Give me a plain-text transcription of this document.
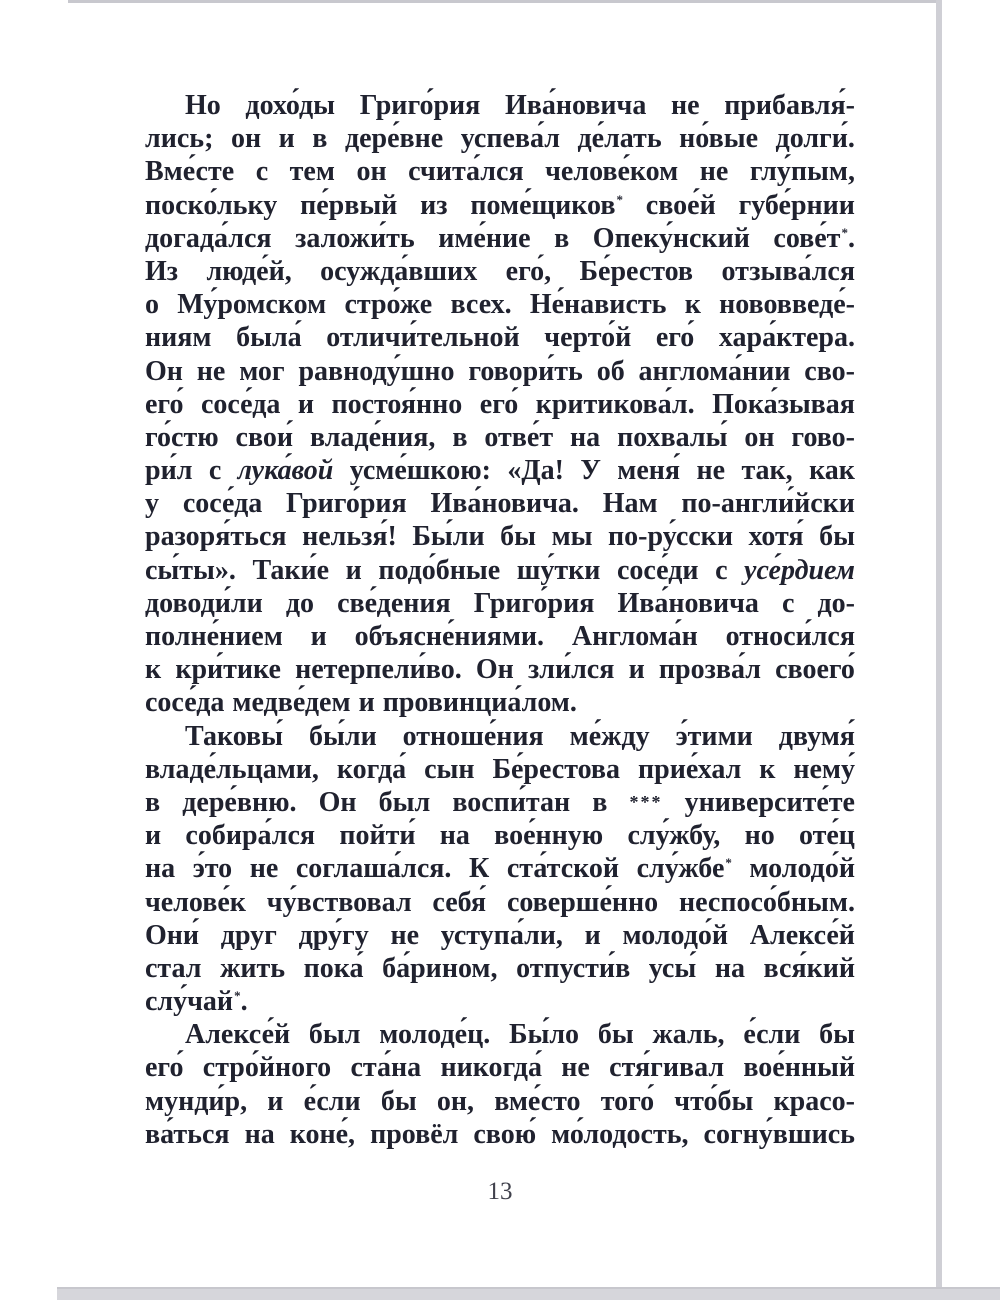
Но дохо́ды Григо́рия Ива́новича не прибавля́-
лись; он и в дере́вне успева́л де́лать но́вые долги́.
Вме́сте с тем он счита́лся челове́ком не глу́пым,
поско́льку пе́рвый из поме́щиков* свое́й губе́рнии
догада́лся заложи́ть име́ние в Опеку́нский сове́т*.
Из люде́й, осужда́вших его́, Бе́рестов отзыва́лся
о Му́ромском стро́же всех. Не́нависть к нововведе́-
ниям была́ отличи́тельной черто́й его́ хара́ктера.
Он не мог равноду́шно говори́ть об англома́нии сво-
его́ сосе́да и постоя́нно его́ критикова́л. Пока́зывая
го́стю свои́ владе́ния, в отве́т на похвалы́ он гово-
ри́л с лука́вой усме́шкою: «Да! У меня́ не так, как
у сосе́да Григо́рия Ива́новича. Нам по-англи́йски
разоря́ться нельзя́! Бы́ли бы мы по-ру́сски хотя́ бы
сы́ты». Таки́е и подо́бные шу́тки сосе́ди с усе́рдием
доводи́ли до све́дения Григо́рия Ива́новича с до-
полне́нием и объясне́ниями. Англома́н относи́лся
к кри́тике нетерпели́во. Он зли́лся и прозва́л своего́
сосе́да медве́дем и провинциа́лом.
Таковы́ бы́ли отноше́ния ме́жду э́тими двумя́
владе́льцами, когда́ сын Бе́рестова прие́хал к нему́
в дере́вню. Он был воспи́тан в *** университе́те
и собира́лся пойти́ на вое́нную слу́жбу, но оте́ц
на э́то не соглаша́лся. К ста́тской слу́жбе* молодо́й
челове́к чу́вствовал себя́ соверше́нно неспосо́бным.
Они́ друг дру́гу не уступа́ли, и молодо́й Алексе́й
стал жить пока́ ба́рином, отпусти́в усы́ на вся́кий
слу́чай*.
Алексе́й был молоде́ц. Бы́ло бы жаль, е́сли бы
его́ стро́йного ста́на никогда́ не стя́гивал вое́нный
мунди́р, и е́сли бы он, вме́сто того́ что́бы красо-
ва́ться на коне́, провёл свою́ мо́лодость, согну́вшись
13
